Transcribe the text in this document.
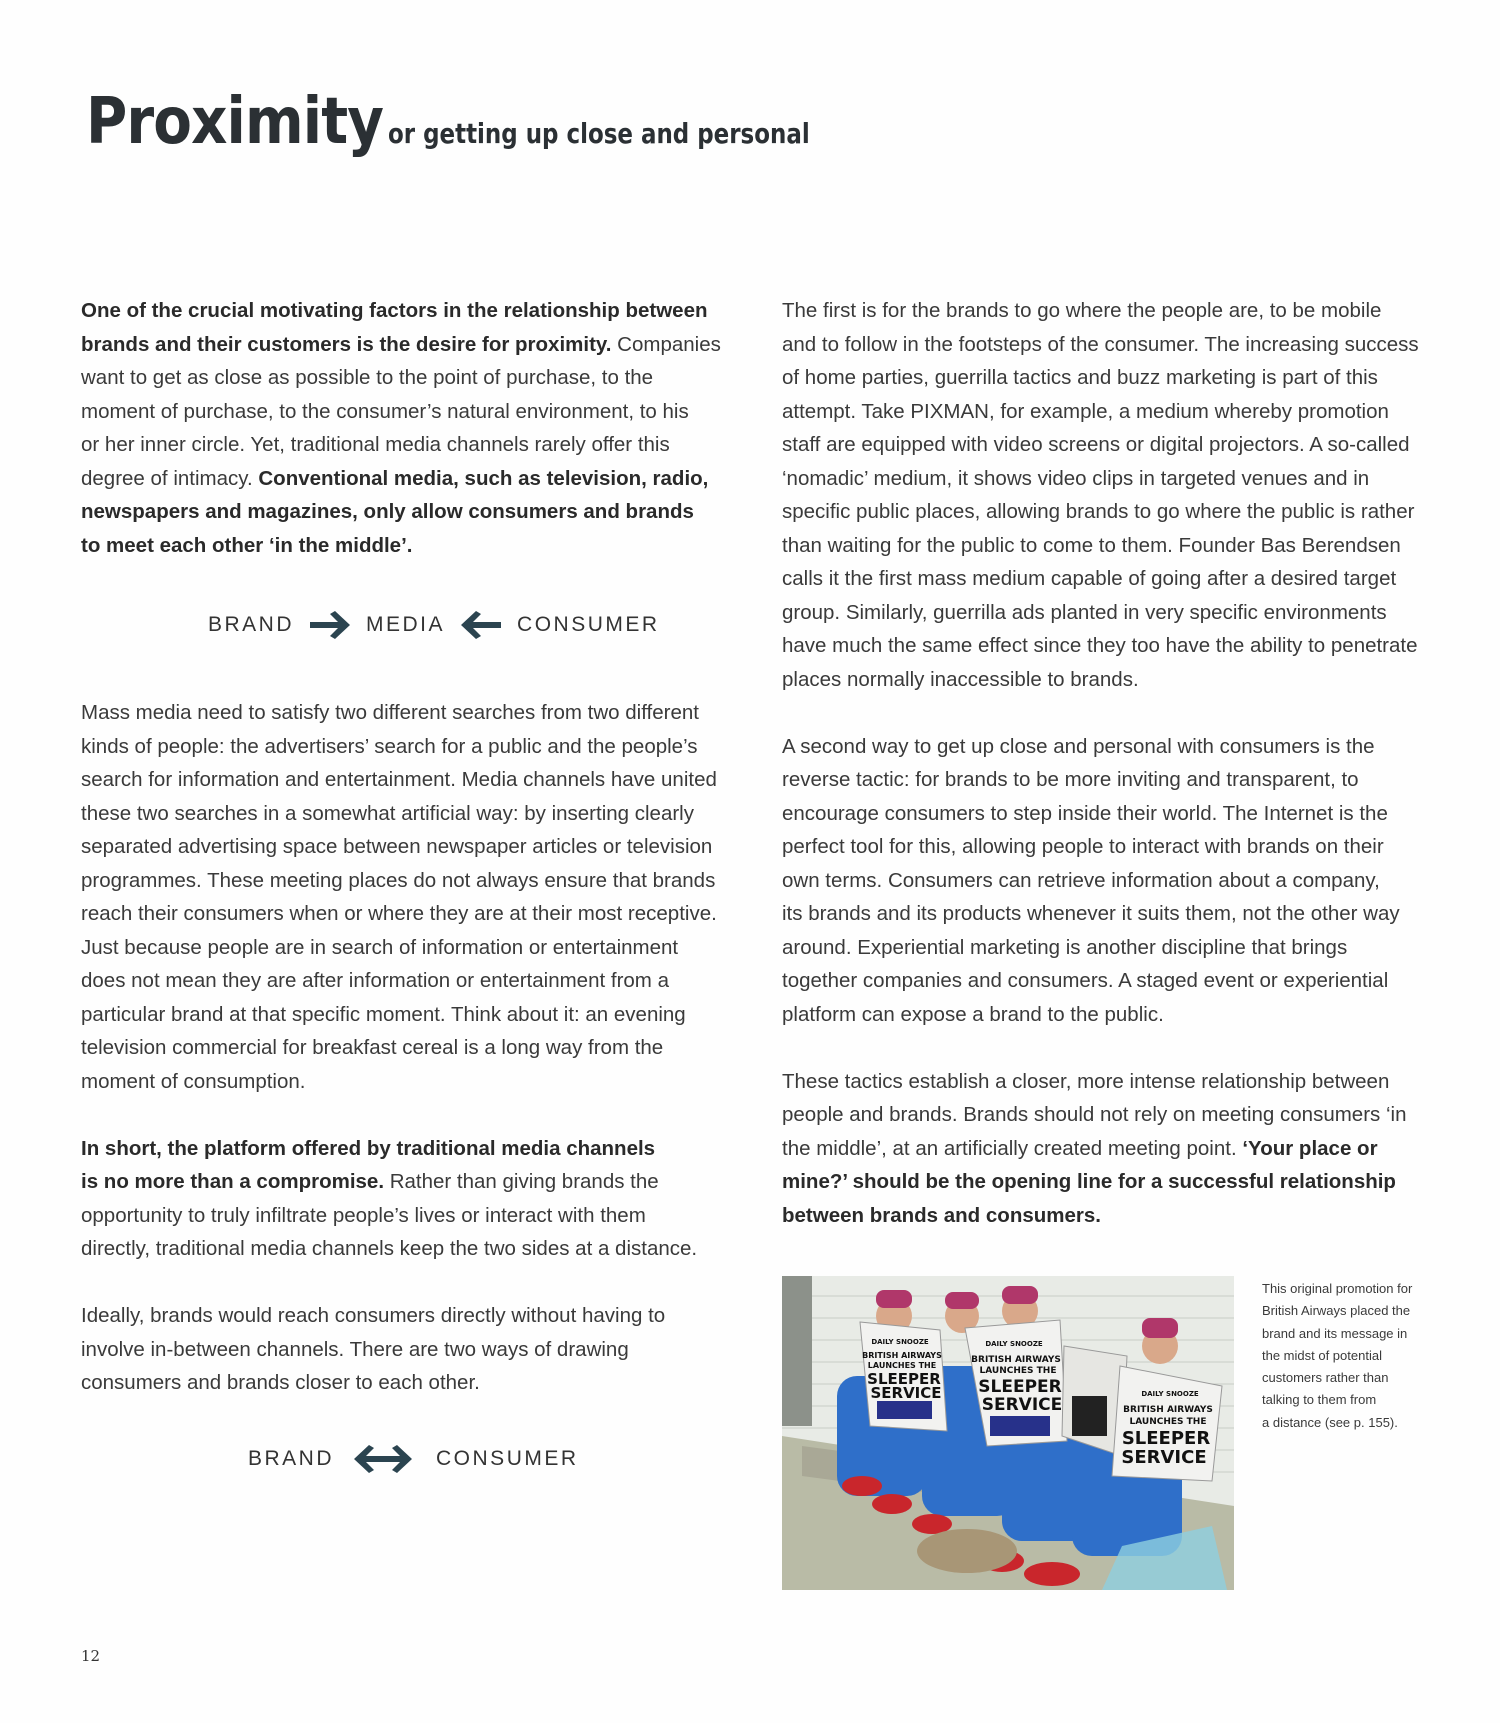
Proximity or getting up close and personal

One of the crucial motivating factors in the relationship between
brands and their customers is the desire for proximity. Companies
want to get as close as possible to the point of purchase, to the
moment of purchase, to the consumer’s natural environment, to his
or her inner circle. Yet, traditional media channels rarely offer this
degree of intimacy. Conventional media, such as television, radio,
newspapers and magazines, only allow consumers and brands
to meet each other ‘in the middle’.

Mass media need to satisfy two different searches from two different
kinds of people: the advertisers’ search for a public and the people’s
search for information and entertainment. Media channels have united
these two searches in a somewhat artificial way: by inserting clearly
separated advertising space between newspaper articles or television
programmes. These meeting places do not always ensure that brands
reach their consumers when or where they are at their most receptive.
Just because people are in search of information or entertainment
does not mean they are after information or entertainment from a
particular brand at that specific moment. Think about it: an evening
television commercial for breakfast cereal is a long way from the
moment of consumption.

In short, the platform offered by traditional media channels
is no more than a compromise. Rather than giving brands the
opportunity to truly infiltrate people’s lives or interact with them
directly, traditional media channels keep the two sides at a distance.

Ideally, brands would reach consumers directly without having to
involve in-between channels. There are two ways of drawing
consumers and brands closer to each other.

BRAND	MEDIA	CONSUMER
BRAND	CONSUMER

The first is for the brands to go where the people are, to be mobile
and to follow in the footsteps of the consumer. The increasing success
of home parties, guerrilla tactics and buzz marketing is part of this
attempt. Take PIXMAN, for example, a medium whereby promotion
staff are equipped with video screens or digital projectors. A so-called
‘nomadic’ medium, it shows video clips in targeted venues and in
specific public places, allowing brands to go where the public is rather
than waiting for the public to come to them. Founder Bas Berendsen
calls it the first mass medium capable of going after a desired target
group. Similarly, guerrilla ads planted in very specific environments
have much the same effect since they too have the ability to penetrate
places normally inaccessible to brands.

A second way to get up close and personal with consumers is the
reverse tactic: for brands to be more inviting and transparent, to
encourage consumers to step inside their world. The Internet is the
perfect tool for this, allowing people to interact with brands on their
own terms. Consumers can retrieve information about a company,
its brands and its products whenever it suits them, not the other way
around. Experiential marketing is another discipline that brings
together companies and consumers. A staged event or experiential
platform can expose a brand to the public.

These tactics establish a closer, more intense relationship between
people and brands. Brands should not rely on meeting consumers ‘in
the middle’, at an artificially created meeting point. ‘Your place or
mine?’ should be the opening line for a successful relationship
between brands and consumers.

DAILY SNOOZE
BRITISH AIRWAYS
LAUNCHES THE
SLEEPER
SERVICE
DAILY SNOOZE
BRITISH AIRWAYS
LAUNCHES THE
SLEEPER
SERVICE
DAILY SNOOZE
BRITISH AIRWAYS
LAUNCHES THE
SLEEPER
SERVICE
This original promotion for
British Airways placed the
brand and its message in
the midst of potential
customers rather than
talking to them from
a distance (see p. 155).
12
